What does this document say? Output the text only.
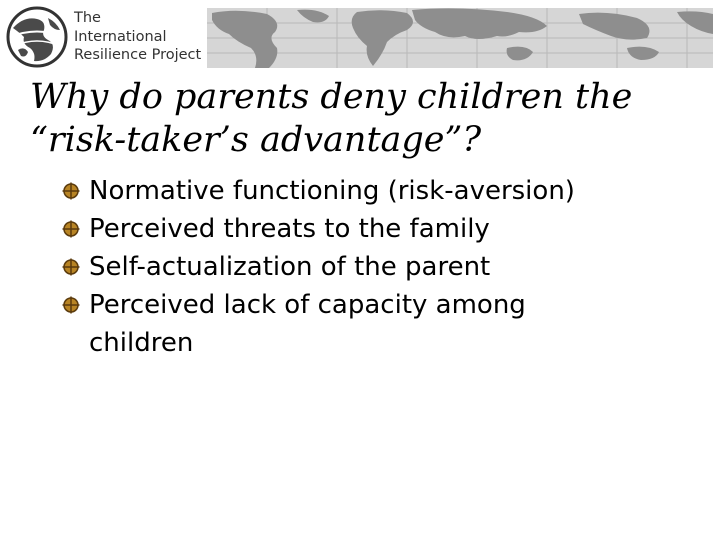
The
International
Resilience Project
Why do parents deny children the
“risk-taker’s advantage”?
Normative functioning (risk-aversion)
Perceived threats to the family
Self-actualization of the parent
Perceived lack of capacity among children
